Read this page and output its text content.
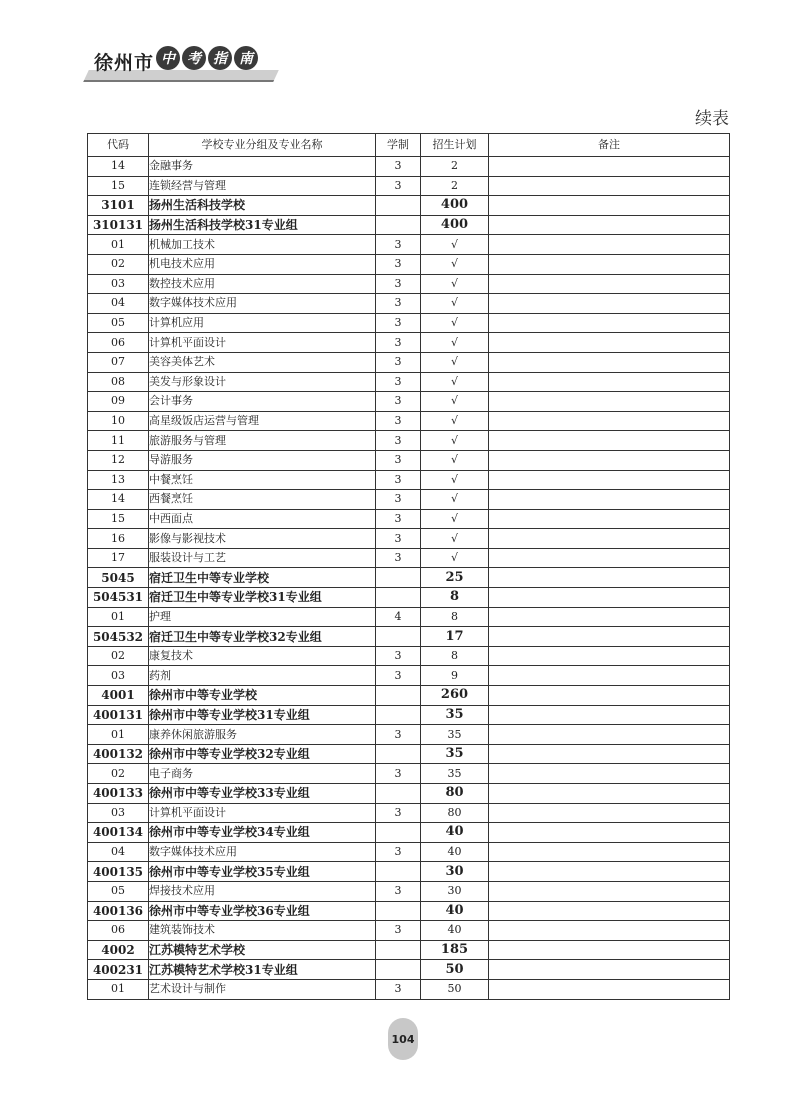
徐州市 中 考 指 南
续表
代码	学校专业分组及专业名称	学制	招生计划	备注
14	金融事务	3	2	
15	连锁经营与管理	3	2	
3101	扬州生活科技学校		400	
310131	扬州生活科技学校31专业组		400	
01	机械加工技术	3	√	
02	机电技术应用	3	√	
03	数控技术应用	3	√	
04	数字媒体技术应用	3	√	
05	计算机应用	3	√	
06	计算机平面设计	3	√	
07	美容美体艺术	3	√	
08	美发与形象设计	3	√	
09	会计事务	3	√	
10	高星级饭店运营与管理	3	√	
11	旅游服务与管理	3	√	
12	导游服务	3	√	
13	中餐烹饪	3	√	
14	西餐烹饪	3	√	
15	中西面点	3	√	
16	影像与影视技术	3	√	
17	服装设计与工艺	3	√	
5045	宿迁卫生中等专业学校		25	
504531	宿迁卫生中等专业学校31专业组		8	
01	护理	4	8	
504532	宿迁卫生中等专业学校32专业组		17	
02	康复技术	3	8	
03	药剂	3	9	
4001	徐州市中等专业学校		260	
400131	徐州市中等专业学校31专业组		35	
01	康养休闲旅游服务	3	35	
400132	徐州市中等专业学校32专业组		35	
02	电子商务	3	35	
400133	徐州市中等专业学校33专业组		80	
03	计算机平面设计	3	80	
400134	徐州市中等专业学校34专业组		40	
04	数字媒体技术应用	3	40	
400135	徐州市中等专业学校35专业组		30	
05	焊接技术应用	3	30	
400136	徐州市中等专业学校36专业组		40	
06	建筑装饰技术	3	40	
4002	江苏模特艺术学校		185	
400231	江苏模特艺术学校31专业组		50	
01	艺术设计与制作	3	50	
104
